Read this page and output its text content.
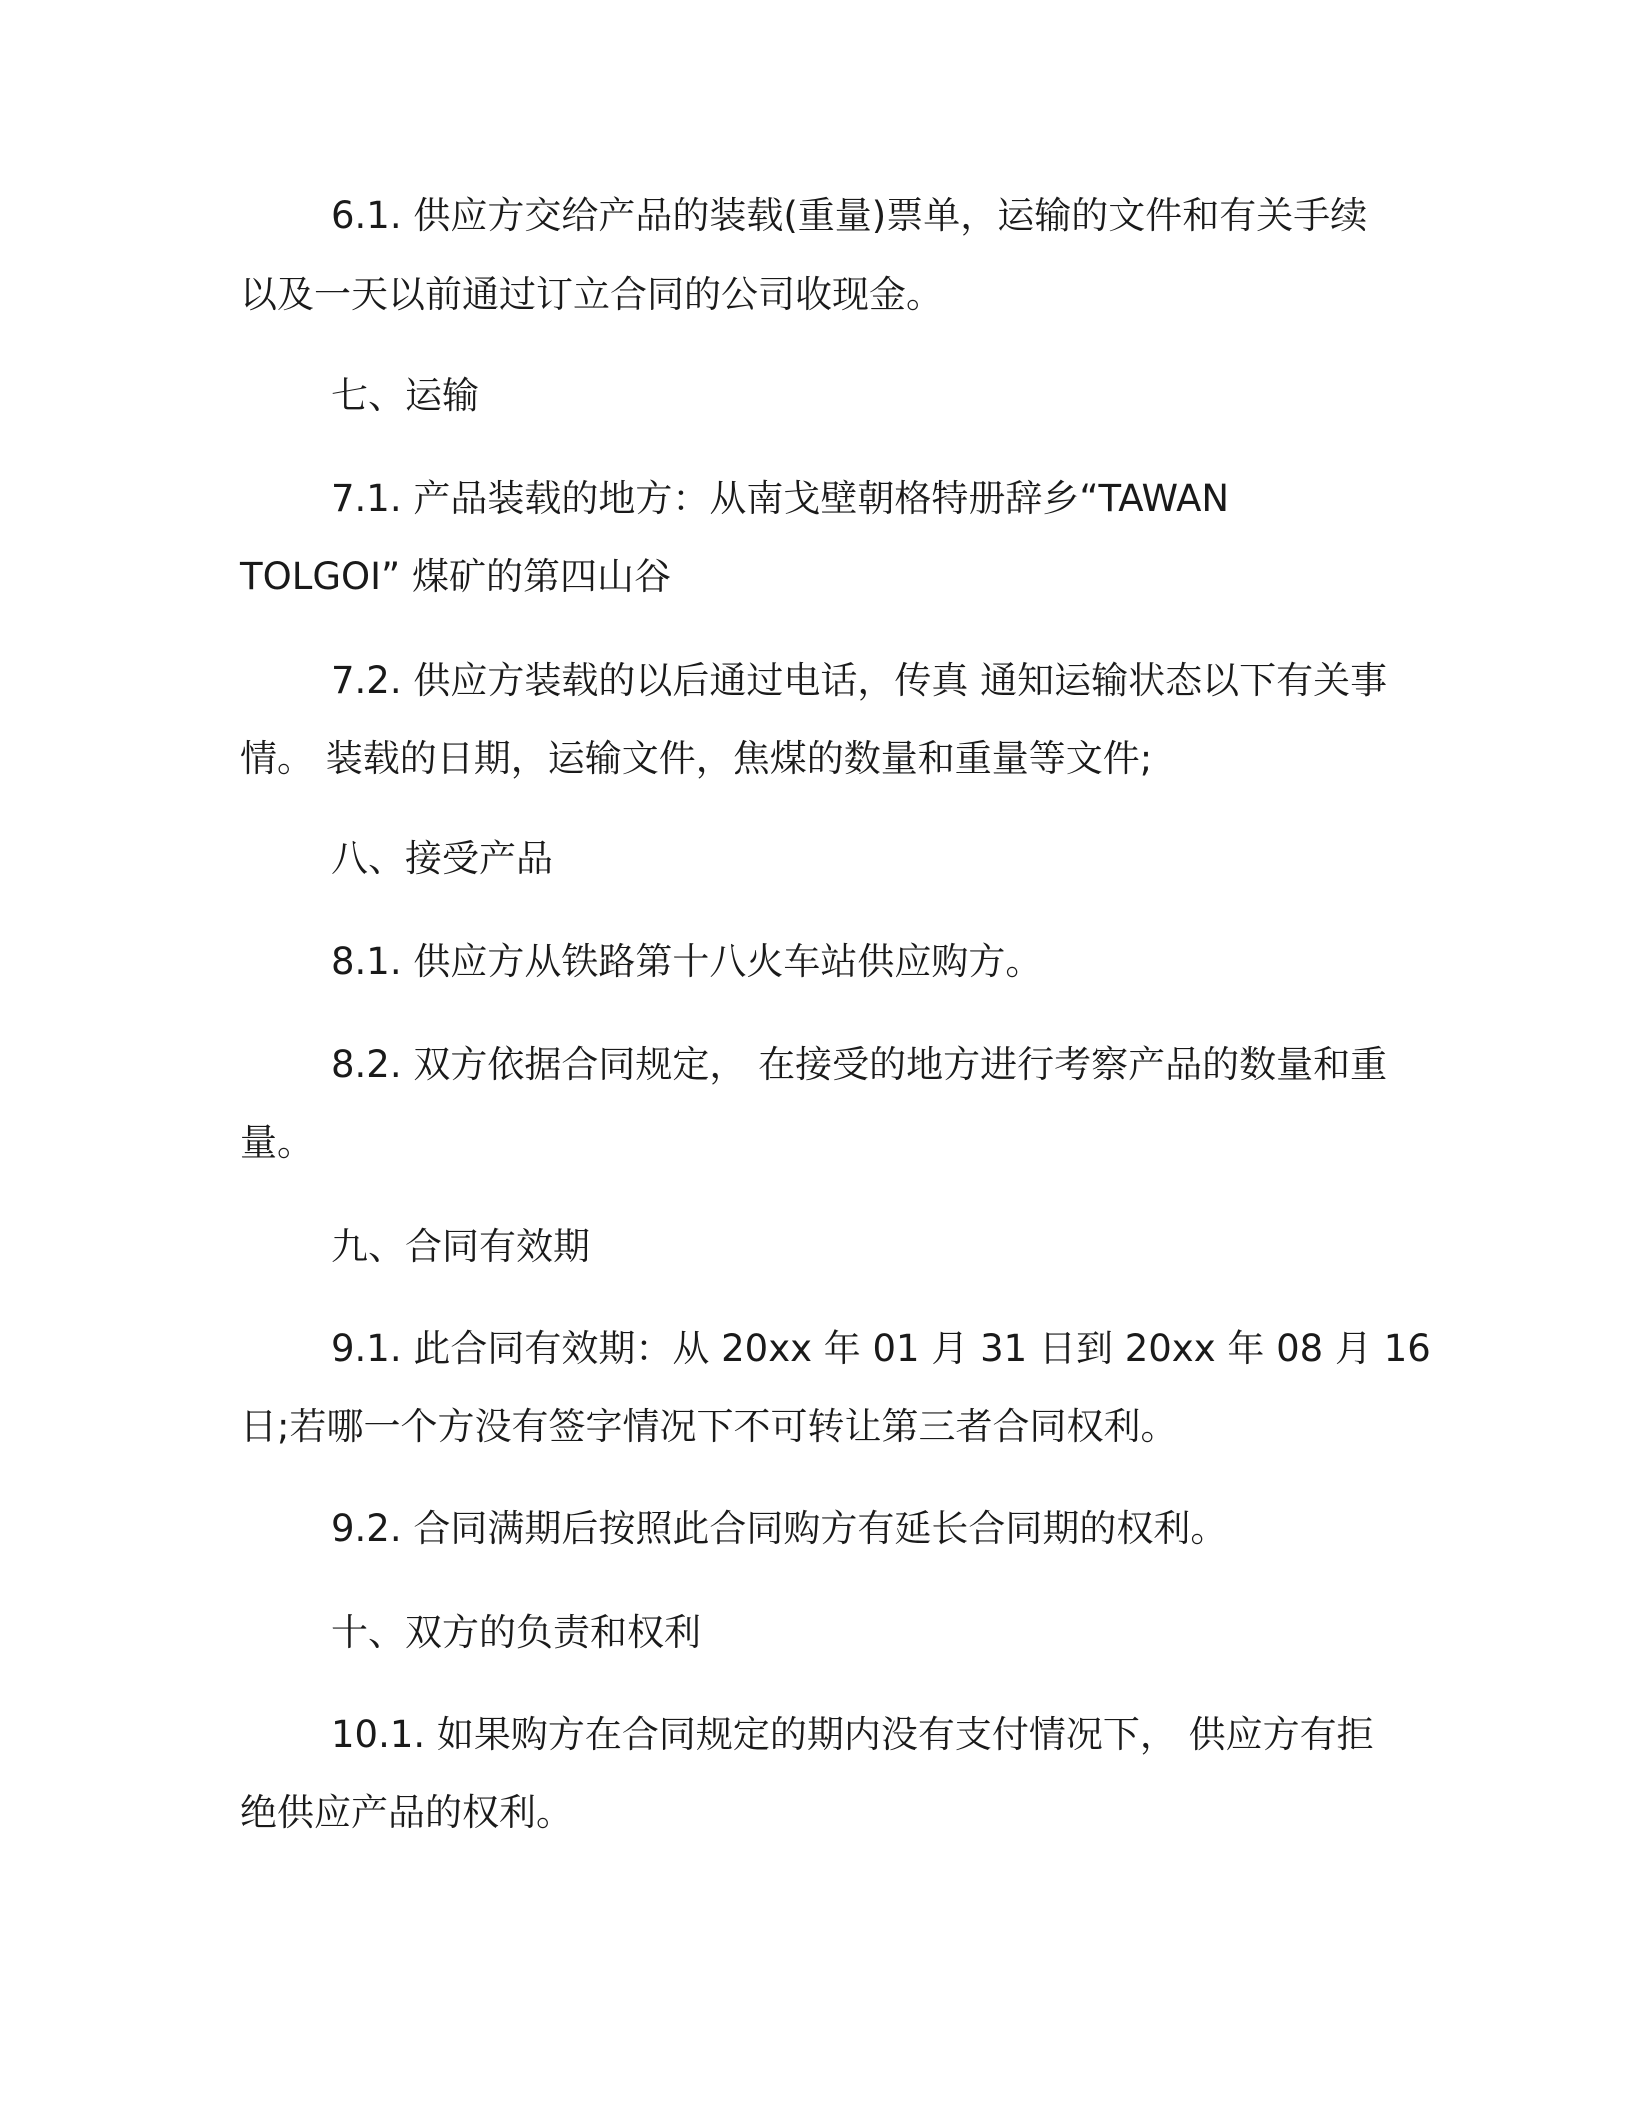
6.1. 供应方交给产品的装载(重量)票单，运输的文件和有关手续
以及一天以前通过订立合同的公司收现金。
七、运输
7.1. 产品装载的地方：从南戈壁朝格特册辞乡“TAWAN
TOLGOI” 煤矿的第四山谷
7.2. 供应方装载的以后通过电话，传真 通知运输状态以下有关事
情。 装载的日期，运输文件，焦煤的数量和重量等文件;
八、接受产品
8.1. 供应方从铁路第十八火车站供应购方。
8.2. 双方依据合同规定， 在接受的地方进行考察产品的数量和重
量。
九、合同有效期
9.1. 此合同有效期：从 20xx 年 01 月 31 日到 20xx 年 08 月 16
日;若哪一个方没有签字情况下不可转让第三者合同权利。
9.2. 合同满期后按照此合同购方有延长合同期的权利。
十、双方的负责和权利
10.1. 如果购方在合同规定的期内没有支付情况下， 供应方有拒
绝供应产品的权利。
